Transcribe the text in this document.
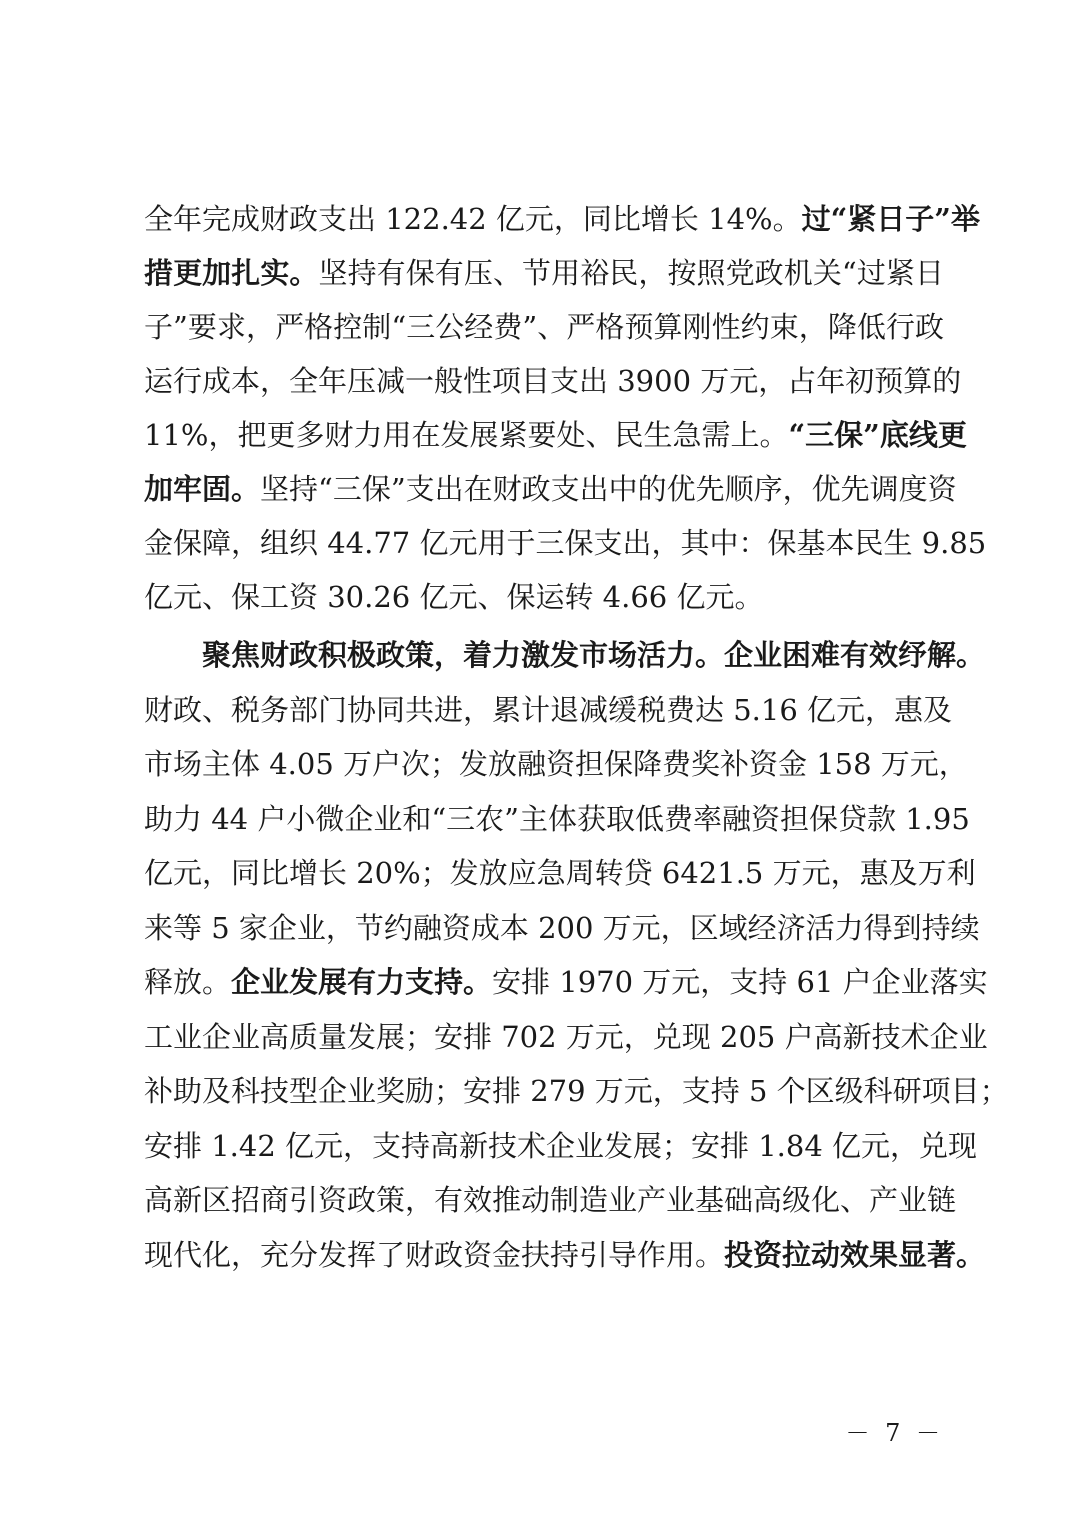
全年完成财政支出 122.42 亿元，同比增长 14%。过“紧日子”举
措更加扎实。坚持有保有压、节用裕民，按照党政机关“过紧日
子”要求，严格控制“三公经费”、严格预算刚性约束，降低行政
运行成本，全年压减一般性项目支出 3900 万元，占年初预算的
11%，把更多财力用在发展紧要处、民生急需上。“三保”底线更
加牢固。坚持“三保”支出在财政支出中的优先顺序，优先调度资
金保障，组织 44.77 亿元用于三保支出，其中：保基本民生 9.85
亿元、保工资 30.26 亿元、保运转 4.66 亿元。
聚焦财政积极政策，着力激发市场活力。企业困难有效纾解。
财政、税务部门协同共进，累计退减缓税费达 5.16 亿元，惠及
市场主体 4.05 万户次；发放融资担保降费奖补资金 158 万元，
助力 44 户小微企业和“三农”主体获取低费率融资担保贷款 1.95
亿元，同比增长 20%；发放应急周转贷 6421.5 万元，惠及万利
来等 5 家企业，节约融资成本 200 万元，区域经济活力得到持续
释放。企业发展有力支持。安排 1970 万元，支持 61 户企业落实
工业企业高质量发展；安排 702 万元，兑现 205 户高新技术企业
补助及科技型企业奖励；安排 279 万元，支持 5 个区级科研项目；
安排 1.42 亿元，支持高新技术企业发展；安排 1.84 亿元，兑现
高新区招商引资政策，有效推动制造业产业基础高级化、产业链
现代化，充分发挥了财政资金扶持引导作用。投资拉动效果显著。
－ 7 －
